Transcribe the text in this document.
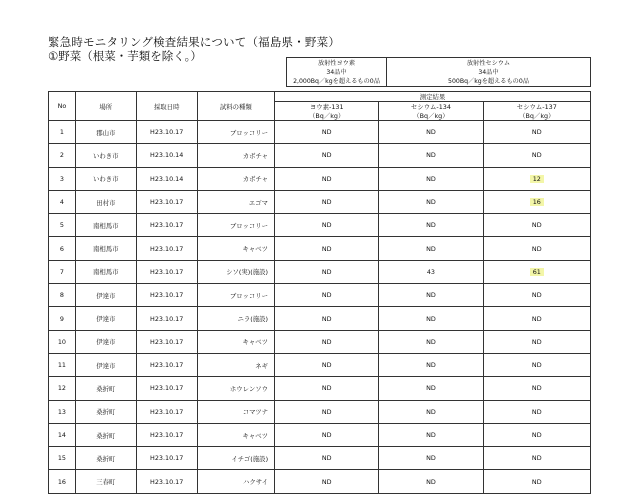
緊急時モニタリング検査結果について（福島県・野菜）
①野菜（根菜・芋類を除く。）
放射性ヨウ素
34品中
2,000Bq／kgを超えるもの0品
放射性セシウム
34品中
500Bq／kgを超えるもの0品
No	場所	採取日時	試料の種類	測定結果		
				ヨウ素-131	セシウム-134	セシウム-137
				（Bq／kg）	（Bq／kg）	（Bq／kg）
1	郡山市	H23.10.17	ブロッコリー	ND	ND	ND
2	いわき市	H23.10.14	カボチャ	ND	ND	ND
3	いわき市	H23.10.14	カボチャ	ND	ND	12
4	田村市	H23.10.17	エゴマ	ND	ND	16
5	南相馬市	H23.10.17	ブロッコリー	ND	ND	ND
6	南相馬市	H23.10.17	キャベツ	ND	ND	ND
7	南相馬市	H23.10.17	シソ(実)(施設)	ND	43	61
8	伊達市	H23.10.17	ブロッコリー	ND	ND	ND
9	伊達市	H23.10.17	ニラ(施設)	ND	ND	ND
10	伊達市	H23.10.17	キャベツ	ND	ND	ND
11	伊達市	H23.10.17	ネギ	ND	ND	ND
12	桑折町	H23.10.17	ホウレンソウ	ND	ND	ND
13	桑折町	H23.10.17	コマツナ	ND	ND	ND
14	桑折町	H23.10.17	キャベツ	ND	ND	ND
15	桑折町	H23.10.17	イチゴ(施設)	ND	ND	ND
16	三春町	H23.10.17	ハクサイ	ND	ND	ND
